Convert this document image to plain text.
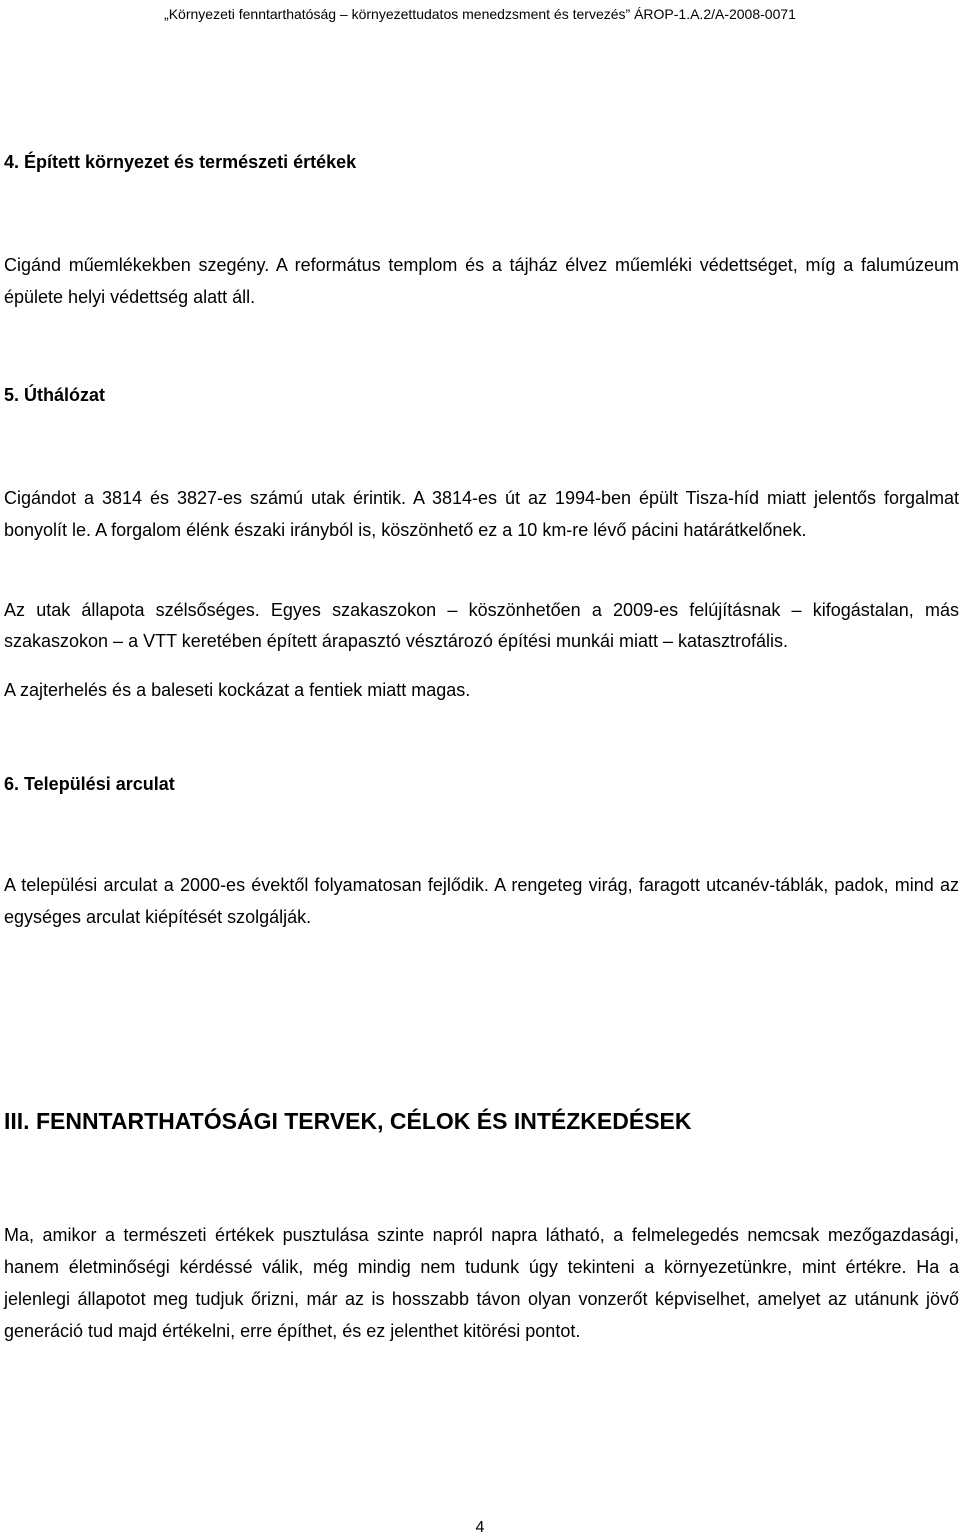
„Környezeti fenntarthatóság – környezettudatos menedzsment és tervezés” ÁROP-1.A.2/A-2008-0071
4. Épített környezet és természeti értékek

Cigánd műemlékekben szegény. A református templom és a tájház élvez műemléki védettséget, míg a falumúzeum épülete helyi védettség alatt áll.

5. Úthálózat

Cigándot a 3814 és 3827-es számú utak érintik. A 3814-es út az 1994-ben épült Tisza-híd miatt jelentős forgalmat bonyolít le. A forgalom élénk északi irányból is, köszönhető ez a 10 km-re lévő pácini határátkelőnek.

Az utak állapota szélsőséges. Egyes szakaszokon – köszönhetően a 2009-es felújításnak – kifogástalan, más szakaszokon – a VTT keretében épített árapasztó vésztározó építési munkái miatt – katasztrofális.

A zajterhelés és a baleseti kockázat a fentiek miatt magas.

6. Települési arculat

A települési arculat a 2000-es évektől folyamatosan fejlődik. A rengeteg virág, faragott utcanév-táblák, padok, mind az egységes arculat kiépítését szolgálják.

III. FENNTARTHATÓSÁGI TERVEK, CÉLOK ÉS INTÉZKEDÉSEK

Ma, amikor a természeti értékek pusztulása szinte napról napra látható, a felmelegedés nemcsak mezőgazdasági, hanem életminőségi kérdéssé válik, még mindig nem tudunk úgy tekinteni a környezetünkre, mint értékre. Ha a jelenlegi állapotot meg tudjuk őrizni, már az is hosszabb távon olyan vonzerőt képviselhet, amelyet az utánunk jövő generáció tud majd értékelni, erre építhet, és ez jelenthet kitörési pontot.

4
